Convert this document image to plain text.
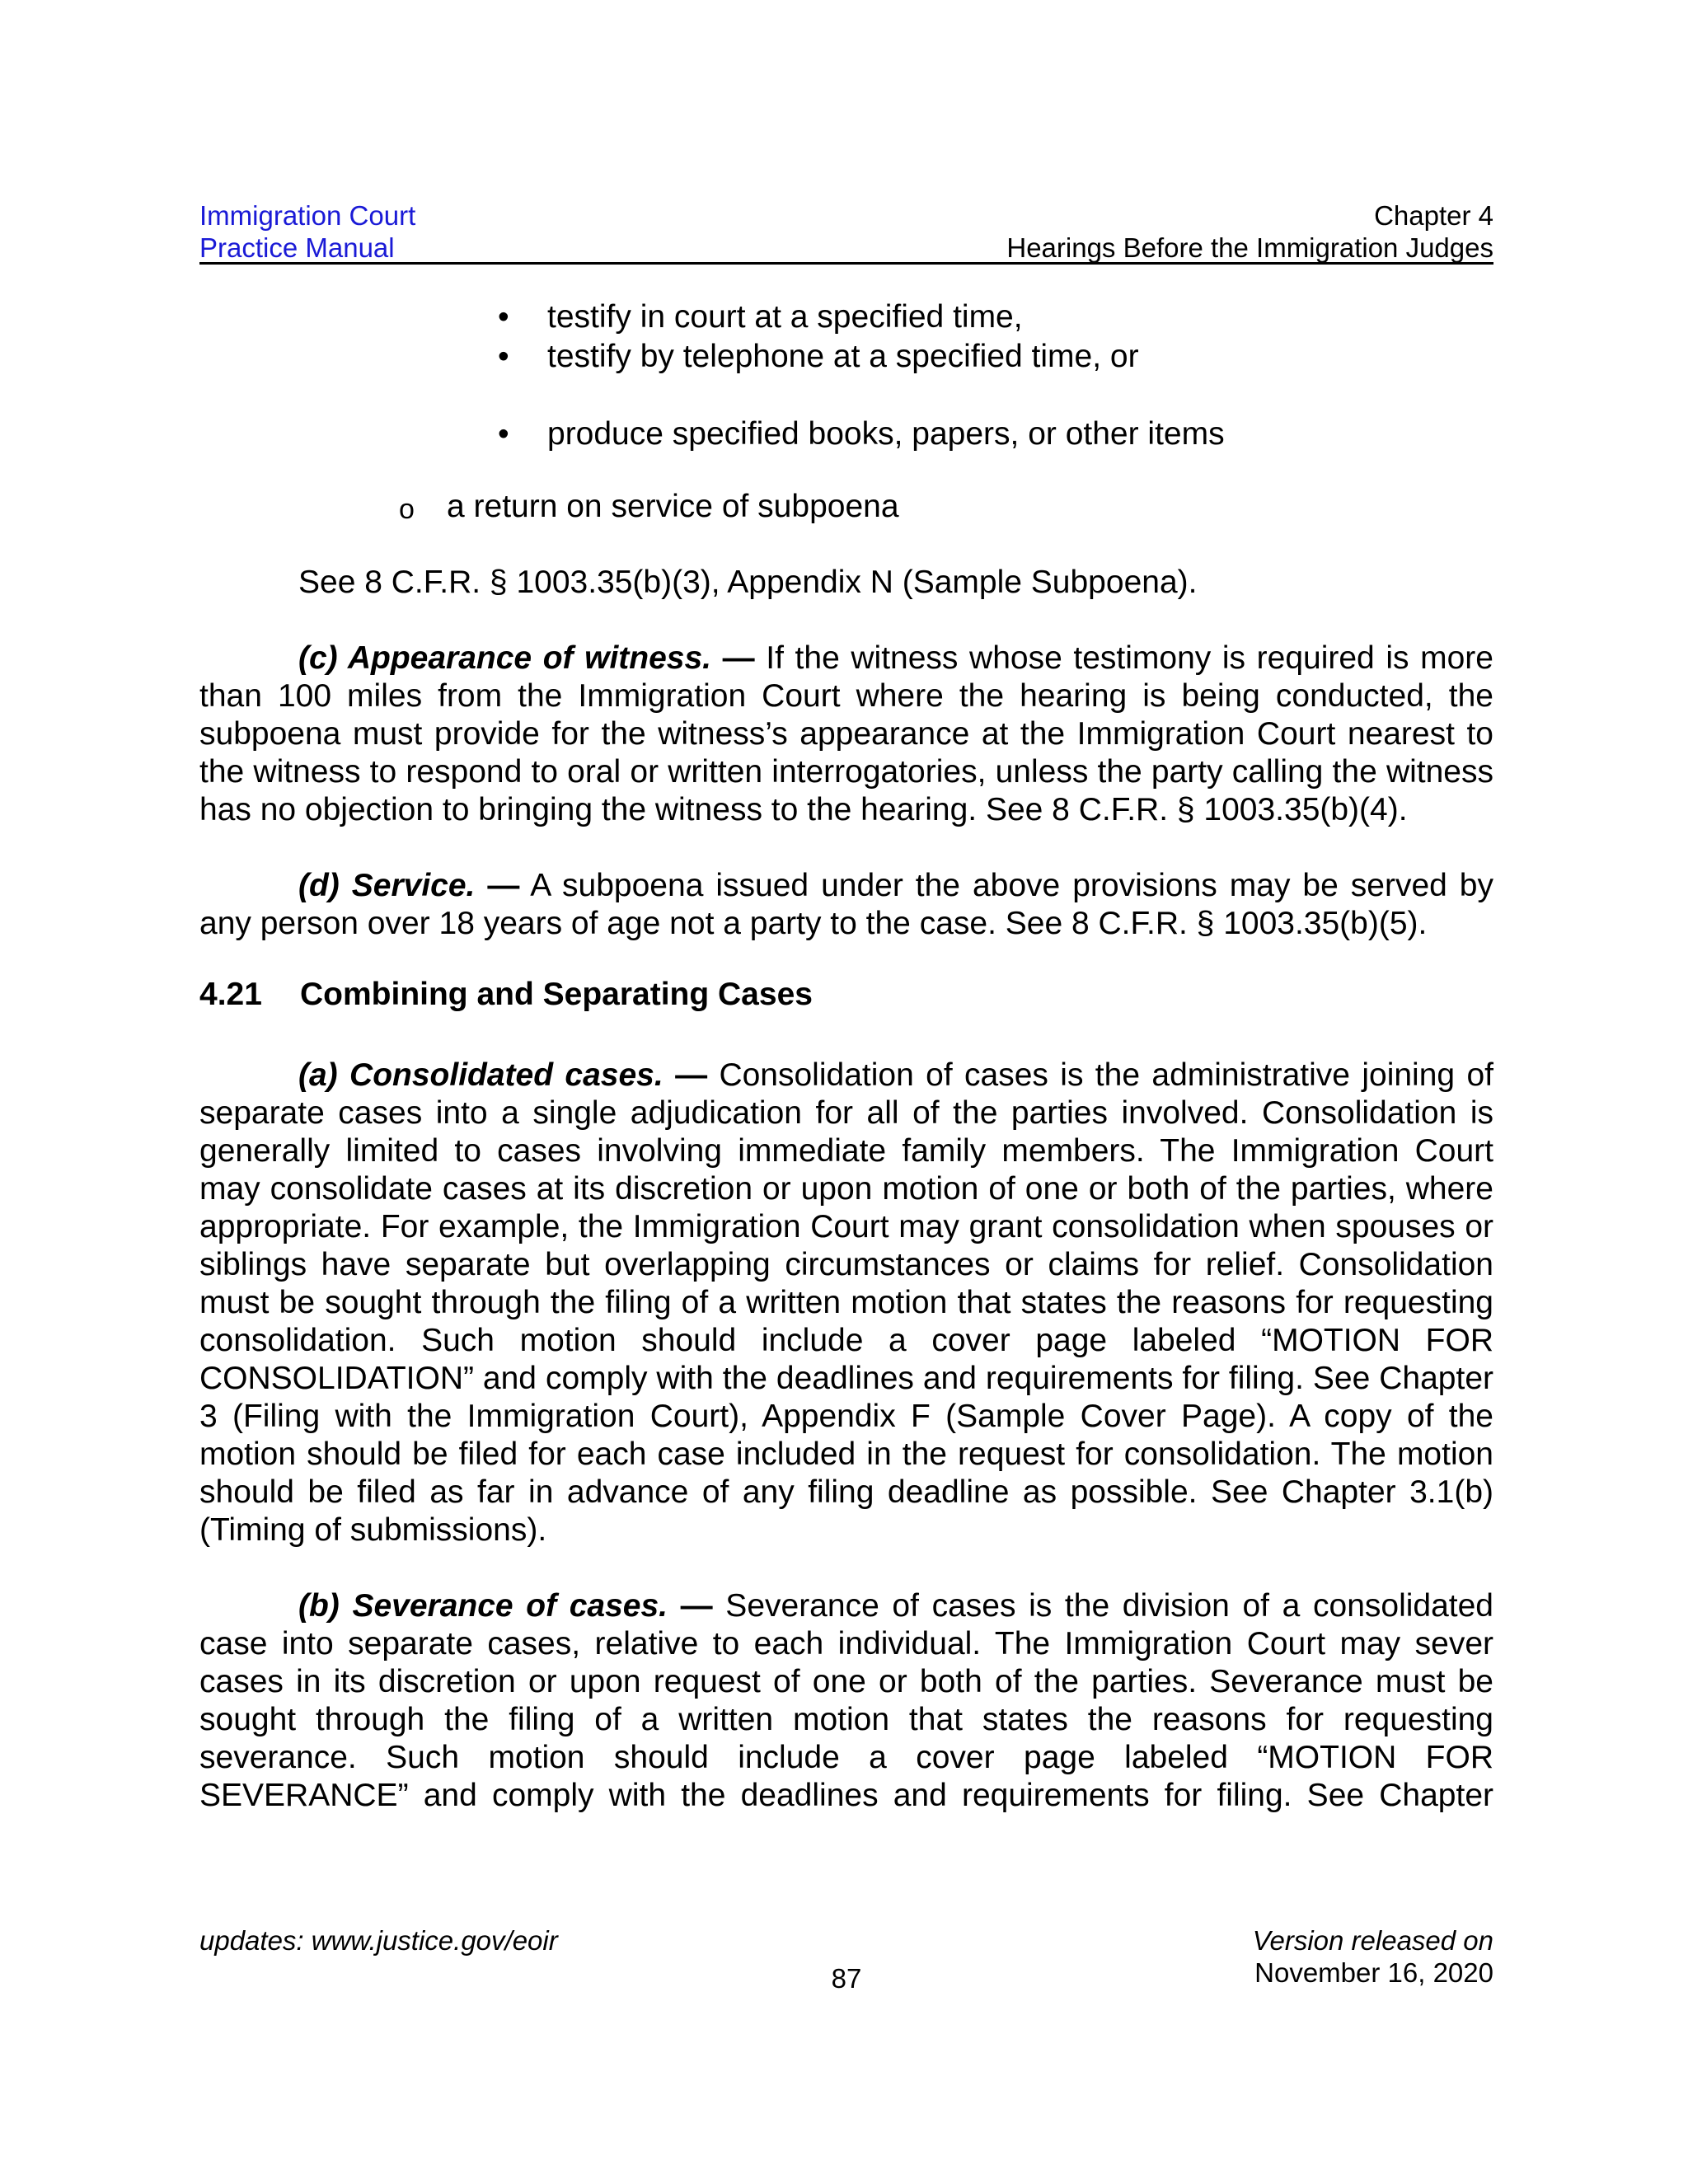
Immigration Court
Practice Manual
Chapter 4
Hearings Before the Immigration Judges
• testify in court at a specified time,
• testify by telephone at a specified time, or
• produce specified books, papers, or other items
o a return on service of subpoena
See 8 C.F.R. § 1003.35(b)(3), Appendix N (Sample Subpoena).

(c) Appearance of witness. — If the witness whose testimony is required is more than 100 miles from the Immigration Court where the hearing is being conducted, the subpoena must provide for the witness’s appearance at the Immigration Court nearest to the witness to respond to oral or written interrogatories, unless the party calling the witness has no objection to bringing the witness to the hearing. See 8 C.F.R. § 1003.35(b)(4).

(d) Service. — A subpoena issued under the above provisions may be served by any person over 18 years of age not a party to the case. See 8 C.F.R. § 1003.35(b)(5).

4.21 Combining and Separating Cases

(a) Consolidated cases. — Consolidation of cases is the administrative joining of separate cases into a single adjudication for all of the parties involved. Consolidation is generally limited to cases involving immediate family members. The Immigration Court may consolidate cases at its discretion or upon motion of one or both of the parties, where appropriate. For example, the Immigration Court may grant consolidation when spouses or siblings have separate but overlapping circumstances or claims for relief. Consolidation must be sought through the filing of a written motion that states the reasons for requesting consolidation. Such motion should include a cover page labeled “MOTION FOR CONSOLIDATION” and comply with the deadlines and requirements for filing. See Chapter 3 (Filing with the Immigration Court), Appendix F (Sample Cover Page). A copy of the motion should be filed for each case included in the request for consolidation. The motion should be filed as far in advance of any filing deadline as possible. See Chapter 3.1(b) (Timing of submissions).

(b) Severance of cases. — Severance of cases is the division of a consolidated case into separate cases, relative to each individual. The Immigration Court may sever cases in its discretion or upon request of one or both of the parties. Severance must be sought through the filing of a written motion that states the reasons for requesting severance. Such motion should include a cover page labeled “MOTION FOR SEVERANCE” and comply with the deadlines and requirements for filing. See Chapter

updates: www.justice.gov/eoir
87
Version released on
November 16, 2020
